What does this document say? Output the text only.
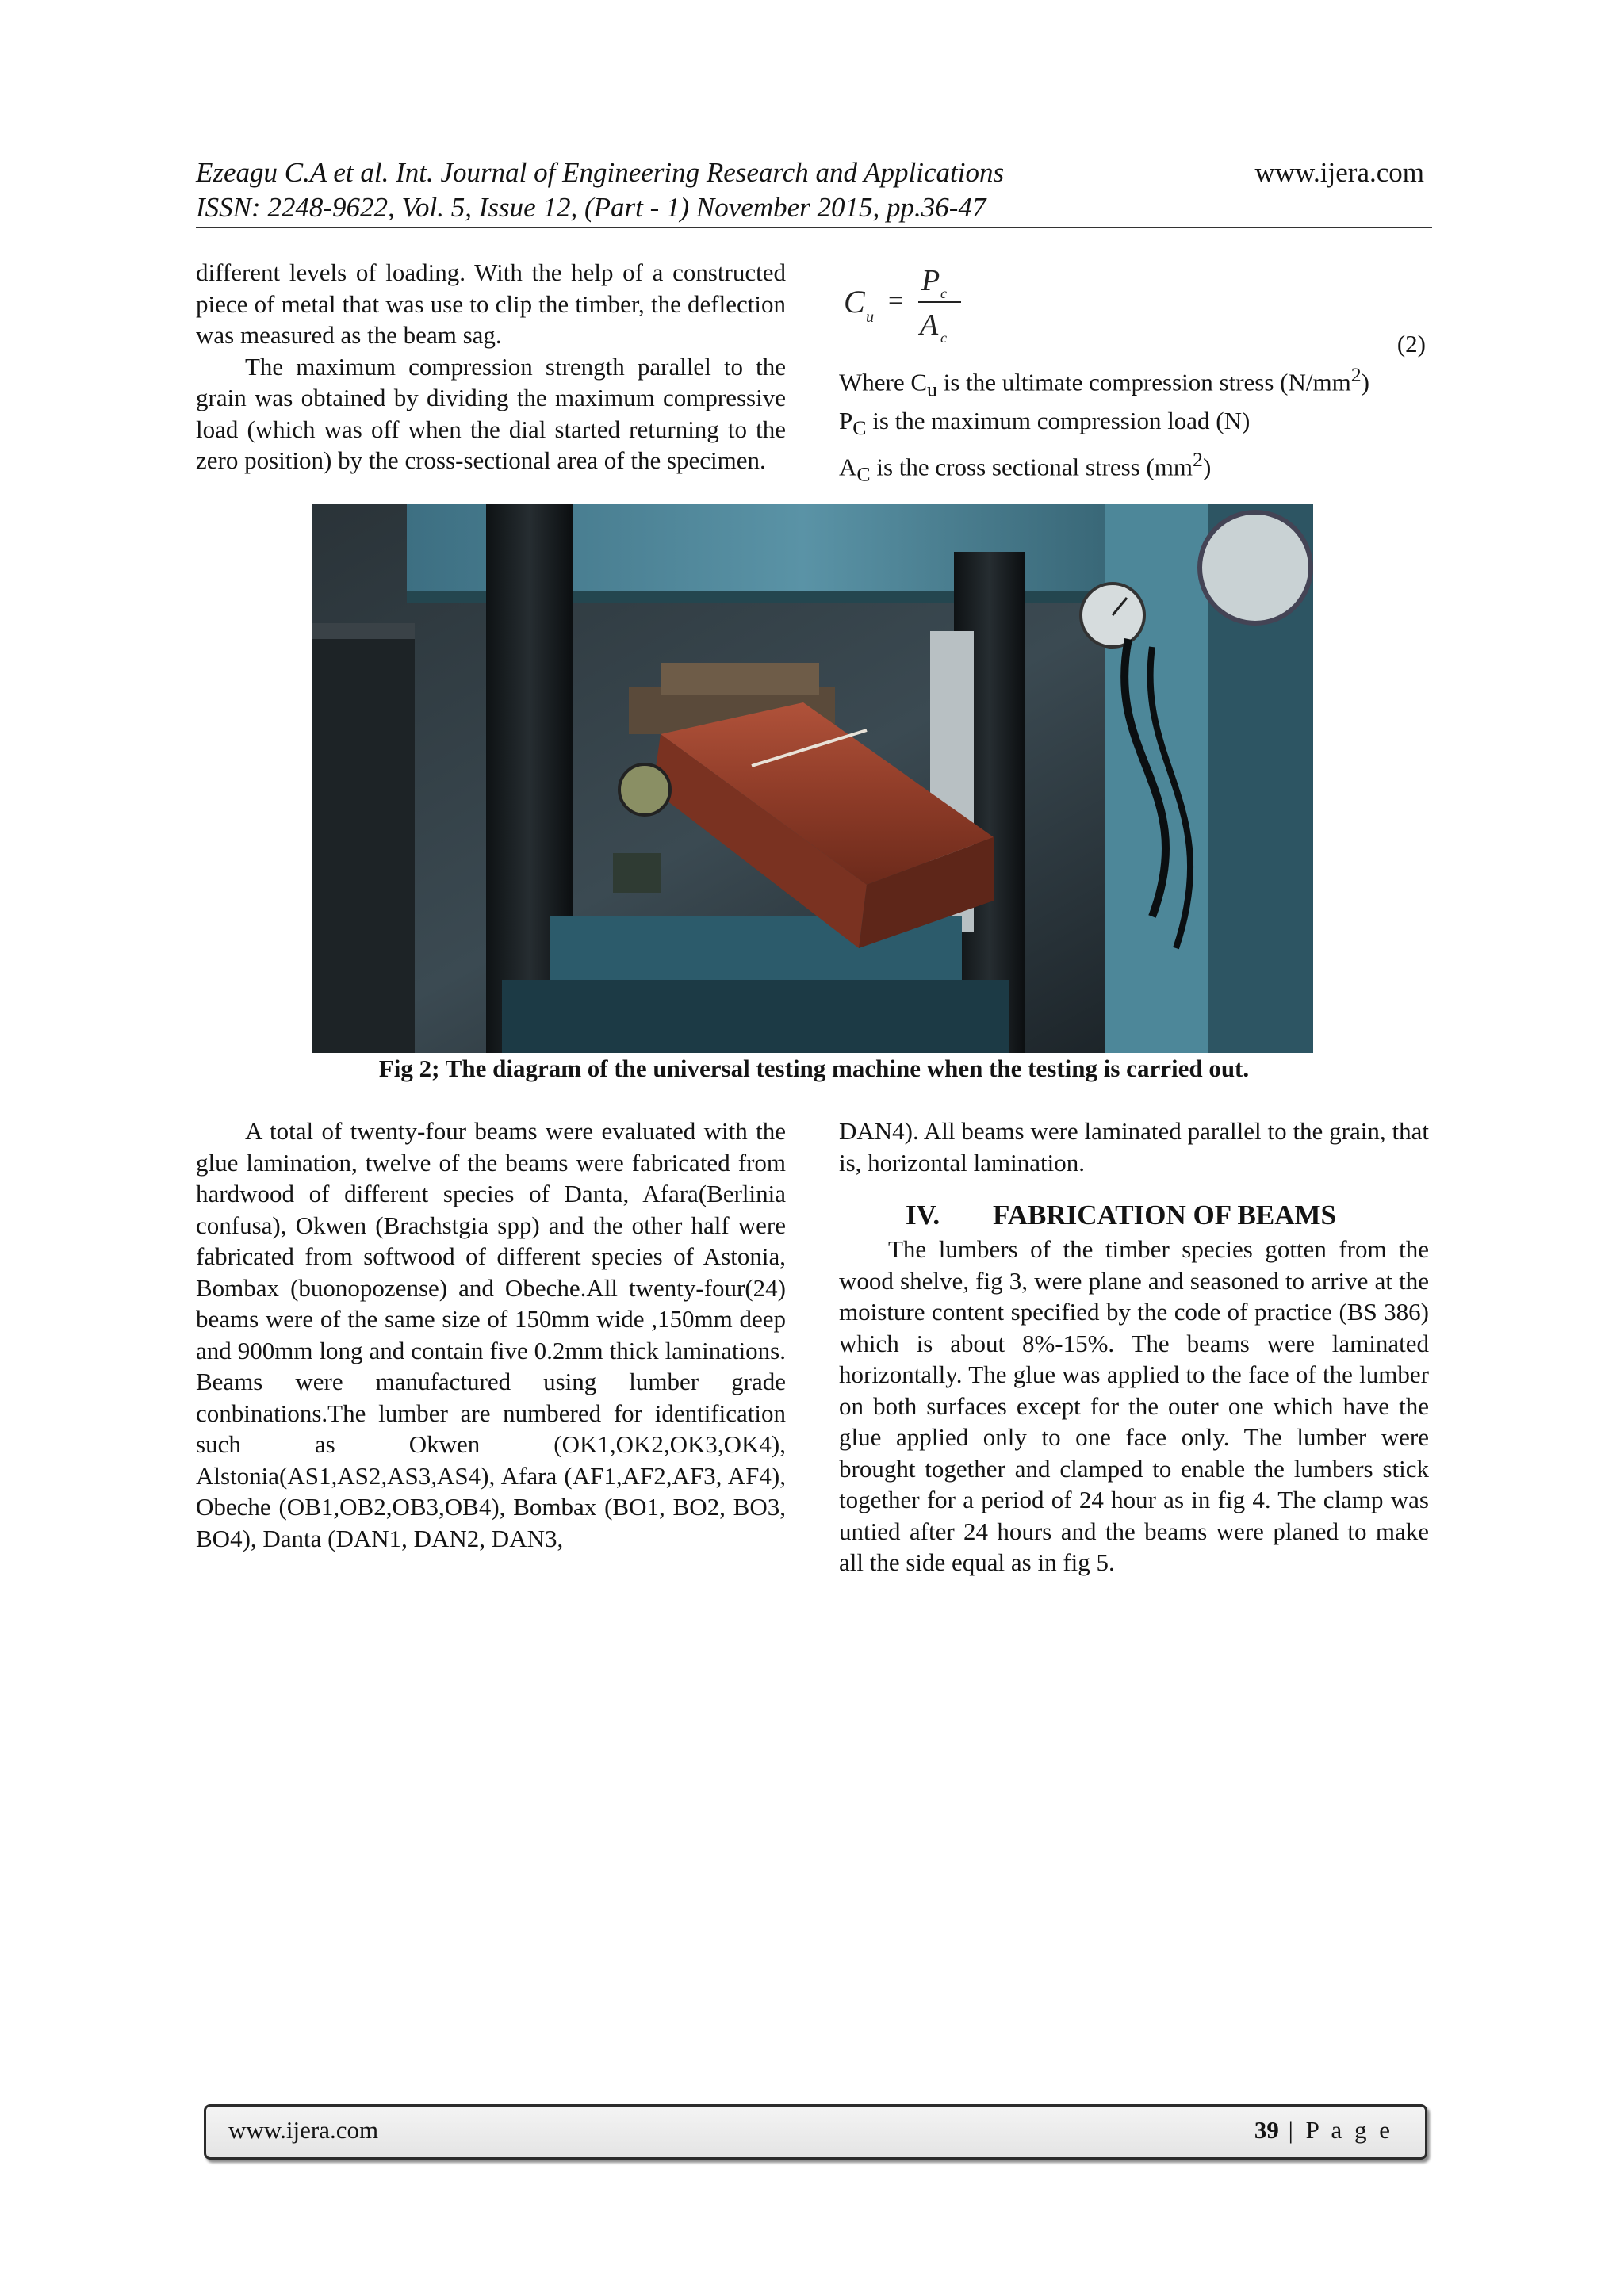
Ezeagu C.A et al. Int. Journal of Engineering Research and Applications
ISSN: 2248-9622, Vol. 5, Issue 12, (Part - 1) November 2015, pp.36-47
www.ijera.com

different levels of loading. With the help of a constructed piece of metal that was use to clip the timber, the deflection was measured as the beam sag.

The maximum compression strength parallel to the grain was obtained by dividing the maximum compressive load (which was off when the dial started returning to the zero position) by the cross-sectional area of the specimen.

C u
=
P c
A c	(2)

Where $C_u$ is the ultimate compression stress $(N/mm^2)$

$P_C$ is the maximum compression load (N)

$A_C$ is the cross sectional stress $(mm^2)$

Fig 2; The diagram of the universal testing machine when the testing is carried out.

A total of twenty-four beams were evaluated with the glue lamination, twelve of the beams were fabricated from hardwood of different species of Danta, Afara(Berlinia confusa), Okwen (Brachstgia spp) and the other half were fabricated from softwood of different species of Astonia, Bombax (buonopozense) and Obeche.All twenty-four(24) beams were of the same size of 150mm wide ,150mm deep and 900mm long and contain five 0.2mm thick laminations. Beams were manufactured using lumber grade conbinations.The lumber are numbered for identification such as Okwen (OK1,OK2,OK3,OK4), Alstonia(AS1,AS2,AS3,AS4), Afara (AF1,AF2,AF3, AF4), Obeche (OB1,OB2,OB3,OB4), Bombax (BO1, BO2, BO3, BO4), Danta (DAN1, DAN2, DAN3,

DAN4). All beams were laminated parallel to the grain, that is, horizontal lamination.

IV. FABRICATION OF BEAMS

The lumbers of the timber species gotten from the wood shelve, fig 3, were plane and seasoned to arrive at the moisture content specified by the code of practice (BS 386) which is about 8%-15%. The beams were laminated horizontally. The glue was applied to the face of the lumber on both surfaces except for the outer one which have the glue applied only to one face only. The lumber were brought together and clamped to enable the lumbers stick together for a period of 24 hour as in fig 4. The clamp was untied after 24 hours and the beams were planed to make all the side equal as in fig 5.

www.ijera.com	39 | P a g e
